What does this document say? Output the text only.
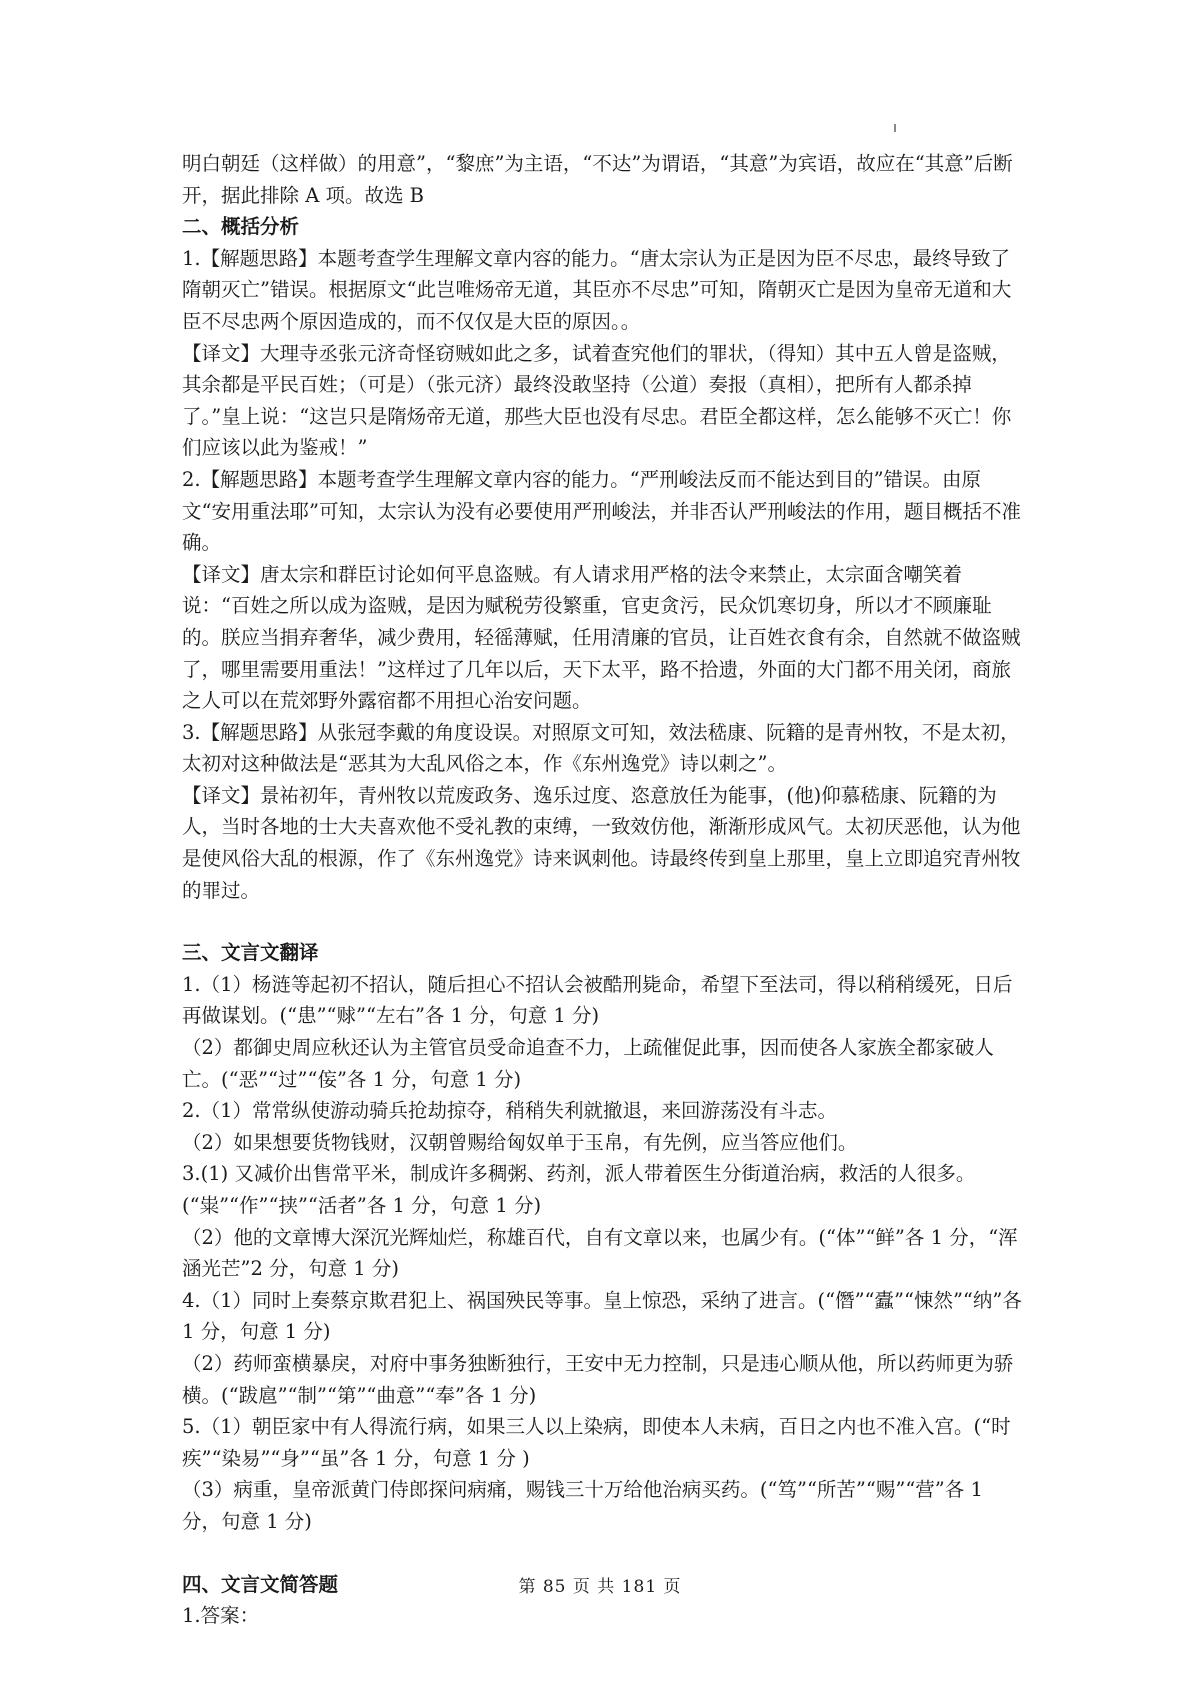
明白朝廷（这样做）的用意”，“黎庶”为主语，“不达”为谓语，“其意”为宾语，故应在“其意”后断开，据此排除 A 项。故选 B

二、概括分析

1.【解题思路】本题考查学生理解文章内容的能力。“唐太宗认为正是因为臣不尽忠，最终导致了隋朝灭亡”错误。根据原文“此岂唯炀帝无道，其臣亦不尽忠”可知，隋朝灭亡是因为皇帝无道和大臣不尽忠两个原因造成的，而不仅仅是大臣的原因。。

【译文】大理寺丞张元济奇怪窃贼如此之多，试着查究他们的罪状，（得知）其中五人曾是盗贼，其余都是平民百姓；（可是）（张元济）最终没敢坚持（公道）奏报（真相），把所有人都杀掉了。”皇上说：“这岂只是隋炀帝无道，那些大臣也没有尽忠。君臣全都这样，怎么能够不灭亡！你们应该以此为鉴戒！”

2.【解题思路】本题考查学生理解文章内容的能力。“严刑峻法反而不能达到目的”错误。由原文“安用重法耶”可知，太宗认为没有必要使用严刑峻法，并非否认严刑峻法的作用，题目概括不准确。

【译文】唐太宗和群臣讨论如何平息盗贼。有人请求用严格的法令来禁止，太宗面含嘲笑着说：“百姓之所以成为盗贼，是因为赋税劳役繁重，官吏贪污，民众饥寒切身，所以才不顾廉耻的。朕应当捐弃奢华，减少费用，轻徭薄赋，任用清廉的官员，让百姓衣食有余，自然就不做盗贼了，哪里需要用重法！”这样过了几年以后，天下太平，路不拾遗，外面的大门都不用关闭，商旅之人可以在荒郊野外露宿都不用担心治安问题。

3.【解题思路】从张冠李戴的角度设误。对照原文可知，效法嵇康、阮籍的是青州牧，不是太初，太初对这种做法是“恶其为大乱风俗之本，作《东州逸党》诗以刺之”。

【译文】景祐初年，青州牧以荒废政务、逸乐过度、恣意放任为能事，(他)仰慕嵇康、阮籍的为人，当时各地的士大夫喜欢他不受礼教的束缚，一致效仿他，渐渐形成风气。太初厌恶他，认为他是使风俗大乱的根源，作了《东州逸党》诗来讽刺他。诗最终传到皇上那里，皇上立即追究青州牧的罪过。

三、文言文翻译

1.（1）杨涟等起初不招认，随后担心不招认会被酷刑毙命，希望下至法司，得以稍稍缓死，日后再做谋划。(“患”“赇”“左右”各 1 分，句意 1 分)

（2）都御史周应秋还认为主管官员受命追查不力，上疏催促此事，因而使各人家族全都家破人亡。(“恶”“过”“侫”各 1 分，句意 1 分)

2.（1）常常纵使游动骑兵抢劫掠夺，稍稍失利就撤退，来回游荡没有斗志。

（2）如果想要货物钱财，汉朝曾赐给匈奴单于玉帛，有先例，应当答应他们。

3.(1) 又减价出售常平米，制成许多稠粥、药剂，派人带着医生分街道治病，救活的人很多。(“粜”“作”“挟”“活者”各 1 分，句意 1 分)

（2）他的文章博大深沉光辉灿烂，称雄百代，自有文章以来，也属少有。(“体”“鲜”各 1 分，“浑涵光芒”2 分，句意 1 分)

4.（1）同时上奏蔡京欺君犯上、祸国殃民等事。皇上惊恐，采纳了进言。(“僭”“蠹”“悚然”“纳”各 1 分，句意 1 分)

（2）药师蛮横暴戾，对府中事务独断独行，王安中无力控制，只是违心顺从他，所以药师更为骄横。(“跋扈”“制”“第”“曲意”“奉”各 1 分)

5.（1）朝臣家中有人得流行病，如果三人以上染病，即使本人未病，百日之内也不准入宫。(“时疾”“染易”“身”“虽”各 1 分，句意 1 分 )

（3）病重，皇帝派黄门侍郎探问病痛，赐钱三十万给他治病买药。(“笃”“所苦”“赐”“营”各 1 分，句意 1 分)

四、文言文简答题

1.答案：

第 85 页 共 181 页
